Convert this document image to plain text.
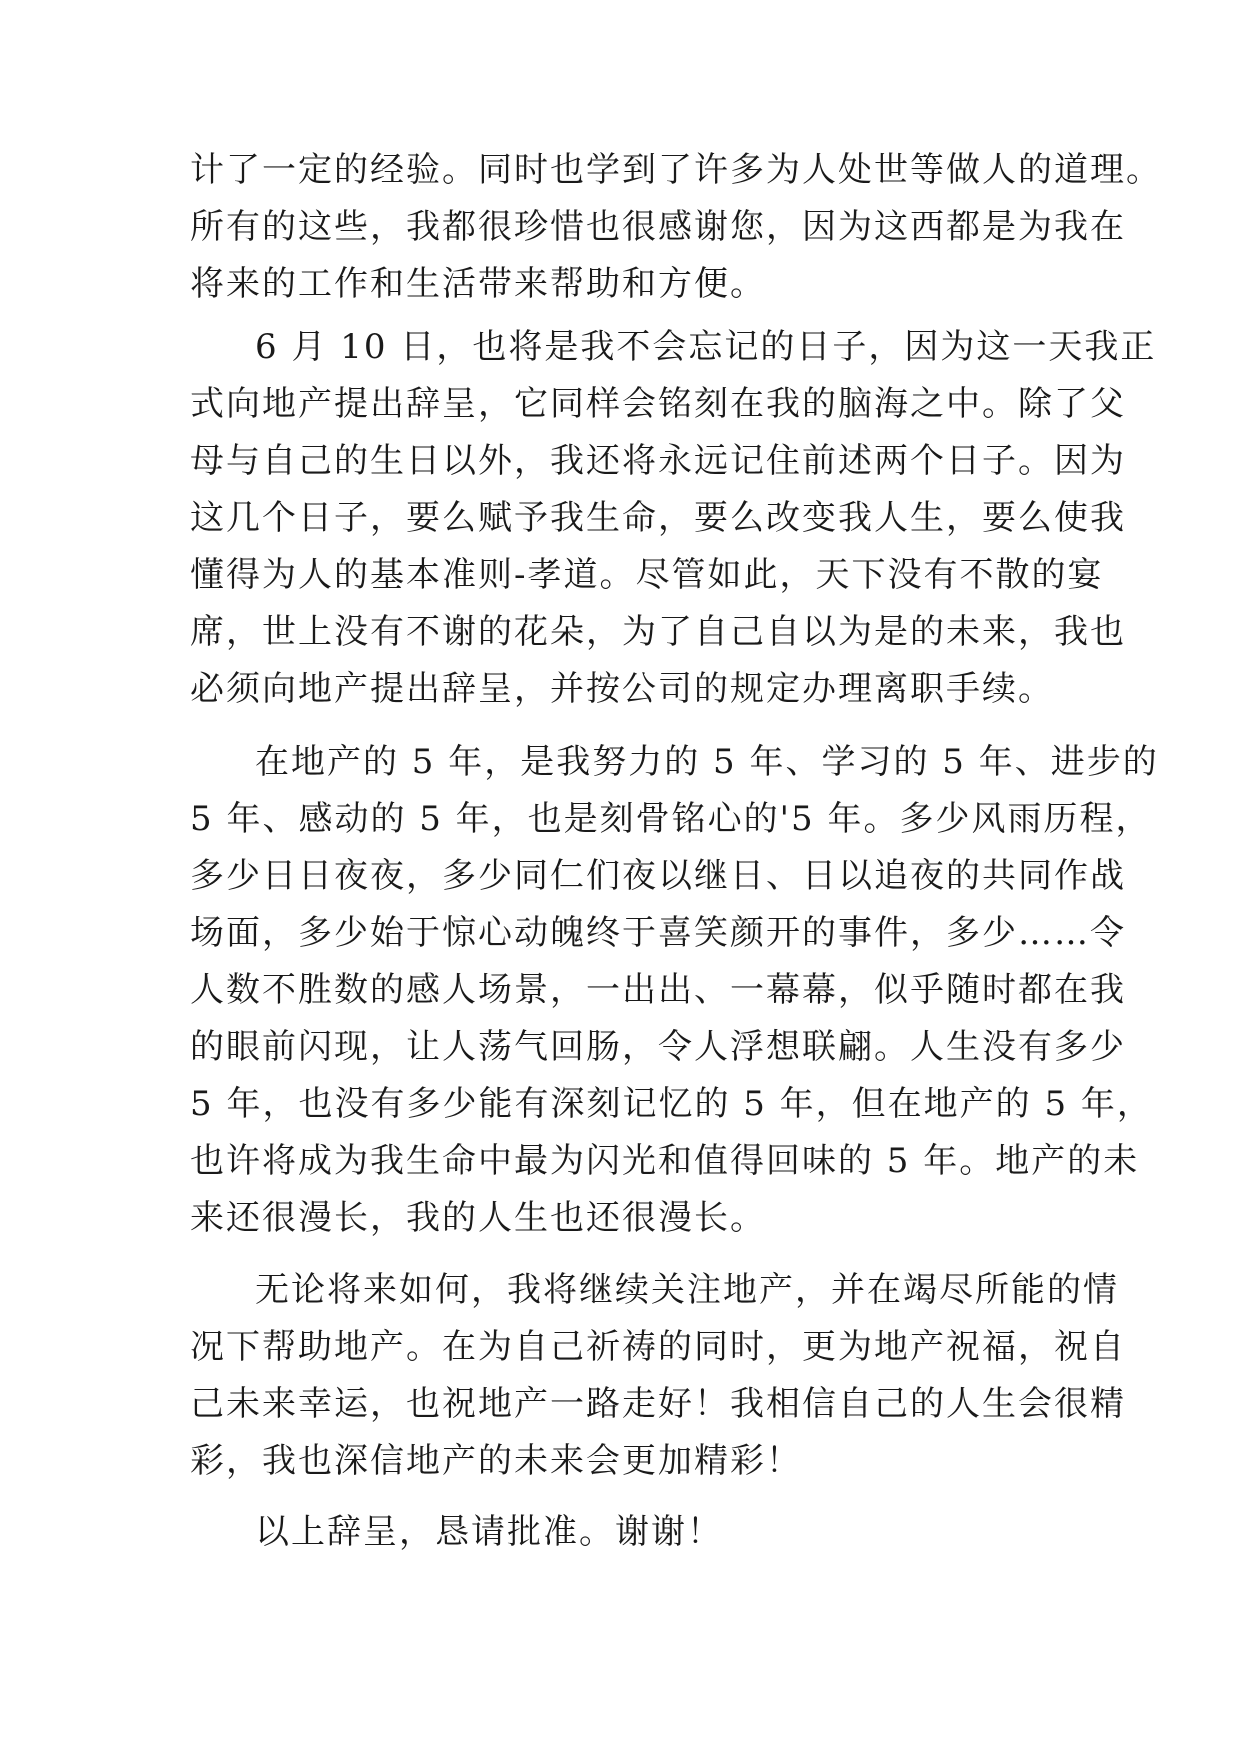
计了一定的经验。同时也学到了许多为人处世等做人的道理。
所有的这些，我都很珍惜也很感谢您，因为这西都是为我在
将来的工作和生活带来帮助和方便。
6 月 10 日，也将是我不会忘记的日子，因为这一天我正
式向地产提出辞呈，它同样会铭刻在我的脑海之中。除了父
母与自己的生日以外，我还将永远记住前述两个日子。因为
这几个日子，要么赋予我生命，要么改变我人生，要么使我
懂得为人的基本准则-孝道。尽管如此，天下没有不散的宴
席，世上没有不谢的花朵，为了自己自以为是的未来，我也
必须向地产提出辞呈，并按公司的规定办理离职手续。
在地产的 5 年，是我努力的 5 年、学习的 5 年、进步的
5 年、感动的 5 年，也是刻骨铭心的'5 年。多少风雨历程，
多少日日夜夜，多少同仁们夜以继日、日以追夜的共同作战
场面，多少始于惊心动魄终于喜笑颜开的事件，多少……令
人数不胜数的感人场景，一出出、一幕幕，似乎随时都在我
的眼前闪现，让人荡气回肠，令人浮想联翩。人生没有多少
5 年，也没有多少能有深刻记忆的 5 年，但在地产的 5 年，
也许将成为我生命中最为闪光和值得回味的 5 年。地产的未
来还很漫长，我的人生也还很漫长。
无论将来如何，我将继续关注地产，并在竭尽所能的情
况下帮助地产。在为自己祈祷的同时，更为地产祝福，祝自
己未来幸运，也祝地产一路走好！我相信自己的人生会很精
彩，我也深信地产的未来会更加精彩！
以上辞呈，恳请批准。谢谢！
